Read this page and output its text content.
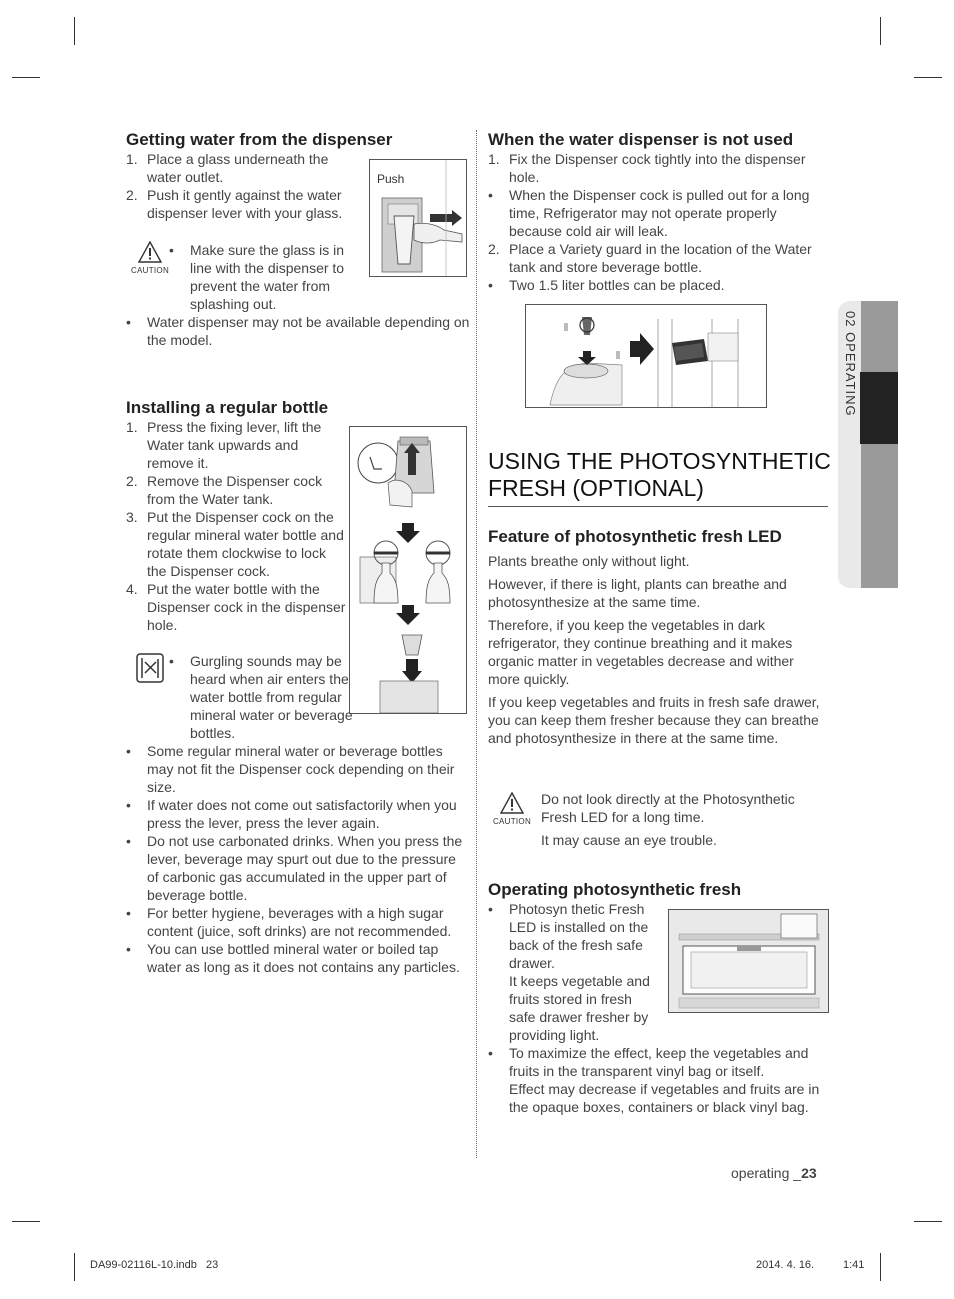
02 OPERATING
Getting water from the dispenser
1. Place a glass underneath the water outlet.
2. Push it gently against the water dispenser lever with your glass.
Push
CAUTION
• Make sure the glass is in line with the dispenser to prevent the water from splashing out.
• Water dispenser may not be available depending on the model.
Installing a regular bottle
1. Press the fixing lever, lift the Water tank upwards and remove it.
2. Remove the Dispenser cock from the Water tank.
3. Put the Dispenser cock on the regular mineral water bottle and rotate them clockwise to lock the Dispenser cock.
4. Put the water bottle with the Dispenser cock in the dispenser hole.
• Gurgling sounds may be heard when air enters the water bottle from regular mineral water or beverage bottles.
• Some regular mineral water or beverage bottles may not fit the Dispenser cock depending on their size.
• If water does not come out satisfactorily when you press the lever, press the lever again.
• Do not use carbonated drinks. When you press the lever, beverage may spurt out due to the pressure of carbonic gas accumulated in the upper part of beverage bottle.
• For better hygiene, beverages with a high sugar content (juice, soft drinks) are not recommended.
• You can use bottled mineral water or boiled tap water as long as it does not contains any particles.
When the water dispenser is not used
1. Fix the Dispenser cock tightly into the dispenser hole.
• When the Dispenser cock is pulled out for a long time, Refrigerator may not operate properly because cold air will leak.
2. Place a Variety guard in the location of the Water tank and store beverage bottle.
• Two 1.5 liter bottles can be placed.
USING THE PHOTOSYNTHETIC
FRESH (OPTIONAL)
Feature of photosynthetic fresh LED

Plants breathe only without light.

However, if there is light, plants can breathe and photosynthesize at the same time.

Therefore, if you keep the vegetables in dark refrigerator, they continue breathing and it makes organic matter in vegetables decrease and wither more quickly.

If you keep vegetables and fruits in fresh safe drawer, you can keep them fresher because they can breathe and photosynthesize in there at the same time.

CAUTION

Do not look directly at the Photosynthetic Fresh LED for a long time.

It may cause an eye trouble.

Operating photosynthetic fresh
• Photosyn thetic Fresh LED is installed on the back of the fresh safe drawer.
It keeps vegetable and fruits stored in fresh safe drawer fresher by providing light.
• To maximize the effect, keep the vegetables and fruits in the transparent vinyl bag or itself.
Effect may decrease if vegetables and fruits are in the opaque boxes, containers or black vinyl bag.
operating _23
DA99-02116L-10.indb   23	2014. 4. 16.	1:41
